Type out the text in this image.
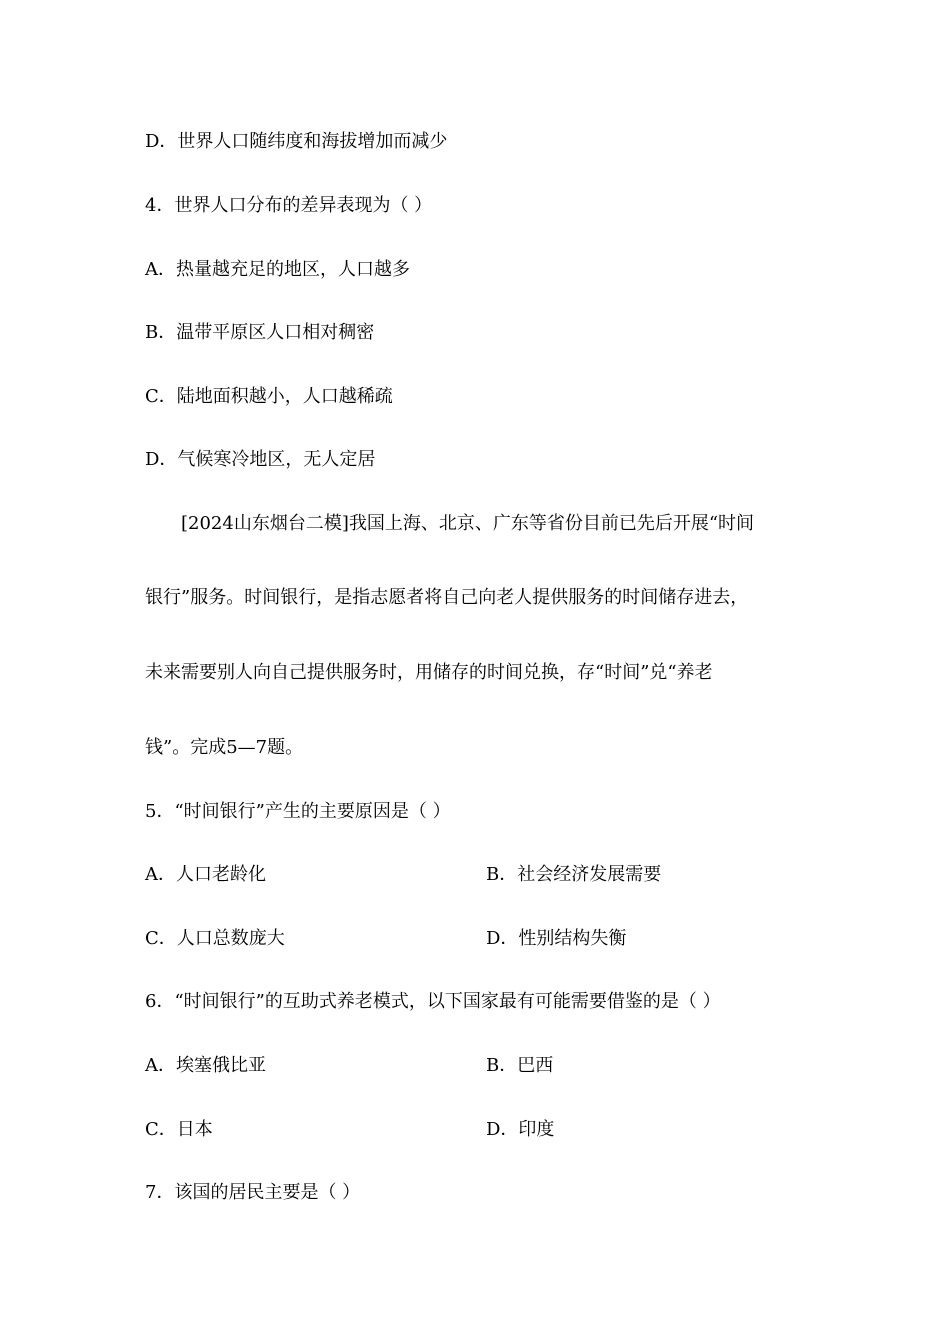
D．世界人口随纬度和海拔增加而减少
4．世界人口分布的差异表现为（ ）
A．热量越充足的地区，人口越多
B．温带平原区人口相对稠密
C．陆地面积越小，人口越稀疏
D．气候寒冷地区，无人定居
[2024山东烟台二模]我国上海、北京、广东等省份目前已先后开展“时间
银行”服务。时间银行，是指志愿者将自己向老人提供服务的时间储存进去，
未来需要别人向自己提供服务时，用储存的时间兑换，存“时间”兑“养老
钱”。完成5—7题。
5．“时间银行”产生的主要原因是（ ）
A．人口老龄化	B．社会经济发展需要
C．人口总数庞大	D．性别结构失衡
6．“时间银行”的互助式养老模式，以下国家最有可能需要借鉴的是（ ）
A．埃塞俄比亚	B．巴西
C．日本	D．印度
7．该国的居民主要是（ ）
